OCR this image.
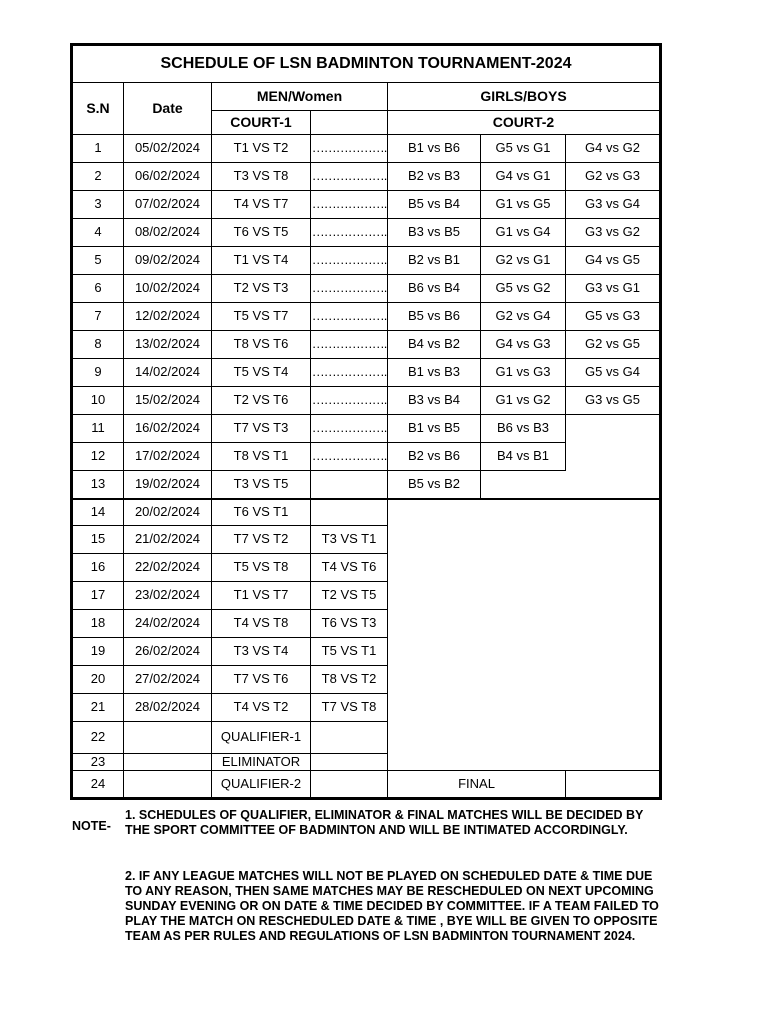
SCHEDULE OF LSN BADMINTON TOURNAMENT-2024						
S.N	Date	MEN/Women		GIRLS/BOYS		
		COURT-1		COURT-2		
1	05/02/2024	T1 VS T2	……………….	B1 vs B6	G5 vs G1	G4 vs G2
2	06/02/2024	T3 VS T8	……………….	B2 vs B3	G4 vs G1	G2 vs G3
3	07/02/2024	T4 VS T7	……………….	B5 vs B4	G1 vs G5	G3 vs G4
4	08/02/2024	T6 VS T5	……………….	B3 vs B5	G1 vs G4	G3 vs G2
5	09/02/2024	T1 VS T4	……………….	B2 vs B1	G2 vs G1	G4 vs G5
6	10/02/2024	T2 VS T3	……………….	B6 vs B4	G5 vs G2	G3 vs G1
7	12/02/2024	T5 VS T7	……………….	B5 vs B6	G2 vs G4	G5 vs G3
8	13/02/2024	T8 VS T6	……………….	B4 vs B2	G4 vs G3	G2 vs G5
9	14/02/2024	T5 VS T4	……………….	B1 vs B3	G1 vs G3	G5 vs G4
10	15/02/2024	T2 VS T6	……………….	B3 vs B4	G1 vs G2	G3 vs G5
11	16/02/2024	T7 VS T3	……………….	B1 vs B5	B6 vs B3	
12	17/02/2024	T8 VS T1	……………….	B2 vs B6	B4 vs B1	
13	19/02/2024	T3 VS T5		B5 vs B2		
14	20/02/2024	T6 VS T1				
15	21/02/2024	T7 VS T2	T3 VS T1			
16	22/02/2024	T5 VS T8	T4 VS T6			
17	23/02/2024	T1 VS T7	T2 VS T5			
18	24/02/2024	T4 VS T8	T6 VS T3			
19	26/02/2024	T3 VS T4	T5 VS T1			
20	27/02/2024	T7 VS T6	T8 VS T2			
21	28/02/2024	T4 VS T2	T7 VS T8			
22		QUALIFIER-1				
23		ELIMINATOR				
24		QUALIFIER-2		FINAL		
NOTE-
1. SCHEDULES OF QUALIFIER, ELIMINATOR & FINAL MATCHES WILL BE DECIDED BY THE SPORT COMMITTEE OF BADMINTON AND WILL BE INTIMATED ACCORDINGLY.
2. IF ANY LEAGUE MATCHES WILL NOT BE PLAYED ON SCHEDULED DATE & TIME DUE TO ANY REASON, THEN SAME MATCHES MAY BE RESCHEDULED ON NEXT UPCOMING SUNDAY EVENING OR ON DATE & TIME DECIDED BY COMMITTEE. IF A TEAM FAILED TO PLAY THE MATCH ON RESCHEDULED DATE & TIME , BYE WILL BE GIVEN TO OPPOSITE TEAM AS PER RULES AND REGULATIONS OF LSN BADMINTON TOURNAMENT 2024.
